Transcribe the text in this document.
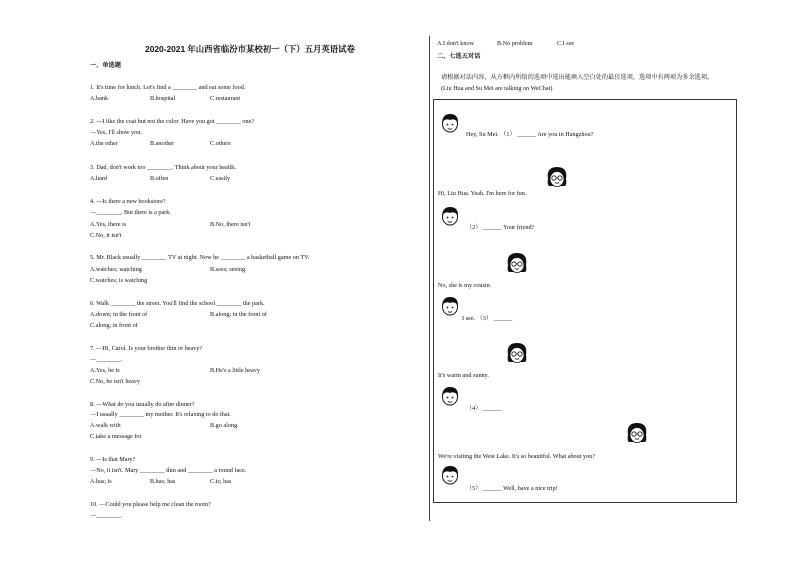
2020-2021 年山西省临汾市某校初一（下）五月英语试卷
一、单选题
1. It's time for lunch. Let's find a ________ and eat some food.
A.bank	B.hospital	C.restaurant
2. —I like the coat but not the color. Have you got ________ one?
—Yes, I'll show you.
A.the other	B.another	C.others
3. Dad, don't work too ________. Think about your health.
A.hard	B.often	C.easily
4. —Is there a new bookstore?
—________. But there is a park.
A.Yes, there is	B.No, there isn't
C.No, it isn't
5. Mr. Black usually ________ TV at night. Now he ________ a basketball game on TV.
A.watches; watching	B.sees; seeing
C.watches; is watching
6. Walk ________ the street. You'll find the school ________ the park.
A.down; in the front of	B.along; in the front of
C.along; in front of
7. —Hi, Carol. Is your brother thin or heavy?
—________.
A.Yes, he is	B.He's a little heavy
C.No, he isn't heavy
8. —What do you usually do after dinner?
—I usually ________ my mother. It's relaxing to do that.
A.walk with	B.go along
C.take a message for
9. —Is that Mary?
—No, it isn't. Mary ________ thin and ________ a round face.
A.has; is	B.has; has	C.is; has
10. —Could you please help me clean the room?
—________.
A.I don't know	B.No problem	C.I see
二、七选五对话
请根据对话内容，从方框内所给的选项中选出能填入空白处的最佳选项，选项中有两项为多余选项。
(Liu Hua and Su Mei are talking on WeChat)
Hey, Su Mei. （1） ______ Are you in Hangzhou?
Hi, Liu Hua. Yeah. I'm here for fun.
（2） ______ Your friend?
No, she is my cousin.
I see. （3） ______
It's warm and sunny.
（4） ______
We're visiting the West Lake. It's so beautiful. What about you?
（5） ______ Well, have a nice trip!
